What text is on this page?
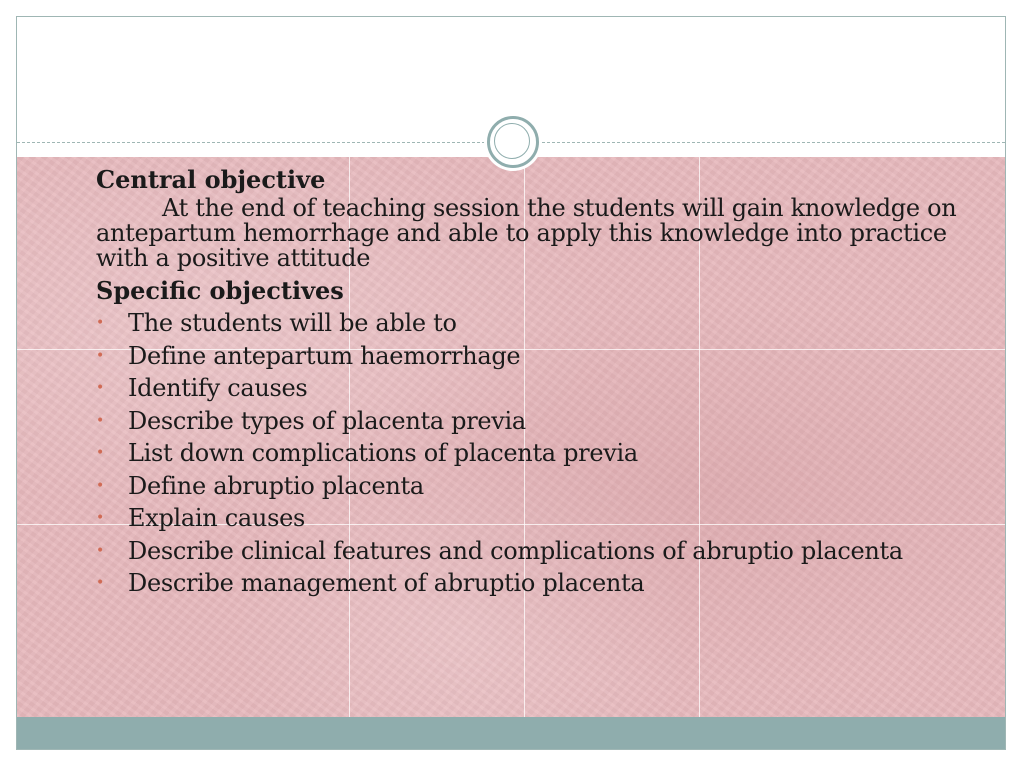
Central objective

At the end of teaching session the students will gain knowledge on antepartum hemorrhage and able to apply this knowledge into practice with a positive attitude

Specific objectives

• The students will be able to
• Define antepartum haemorrhage
• Identify causes
• Describe types of placenta previa
• List down complications of placenta previa
• Define abruptio placenta
• Explain causes
• Describe clinical features and complications of abruptio placenta
• Describe management of abruptio placenta
